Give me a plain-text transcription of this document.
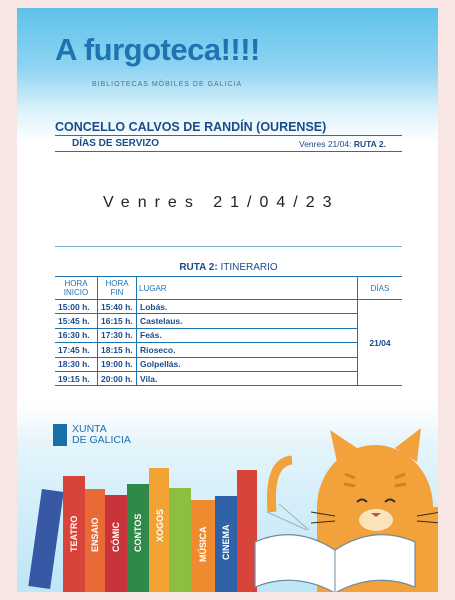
A furgoteca!!!!
BIBLIOTECAS MÓBILES DE GALICIA
CONCELLO CALVOS DE RANDÍN (OURENSE)
DÍAS DE SERVIZO	Venres 21/04: RUTA 2.
Venres 21/04/23
RUTA 2: ITINERARIO
HORA INICIO	HORA FIN	LUGAR	DÍAS
15:00 h.	15:40 h.	Lobás.	21/04
15:45 h.	16:15 h.	Castelaus.	
16:30 h.	17:30 h.	Feás.	
17:45 h.	18:15 h.	Rioseco.	
18:30 h.	19:00 h.	Golpellás.	
19:15 h.	20:00 h.	Vila.	
XUNTA
DE GALICIA
TEATRO ENSAIO CÓMIC CONTOS XOGOS
MÚSICA CINEMA
